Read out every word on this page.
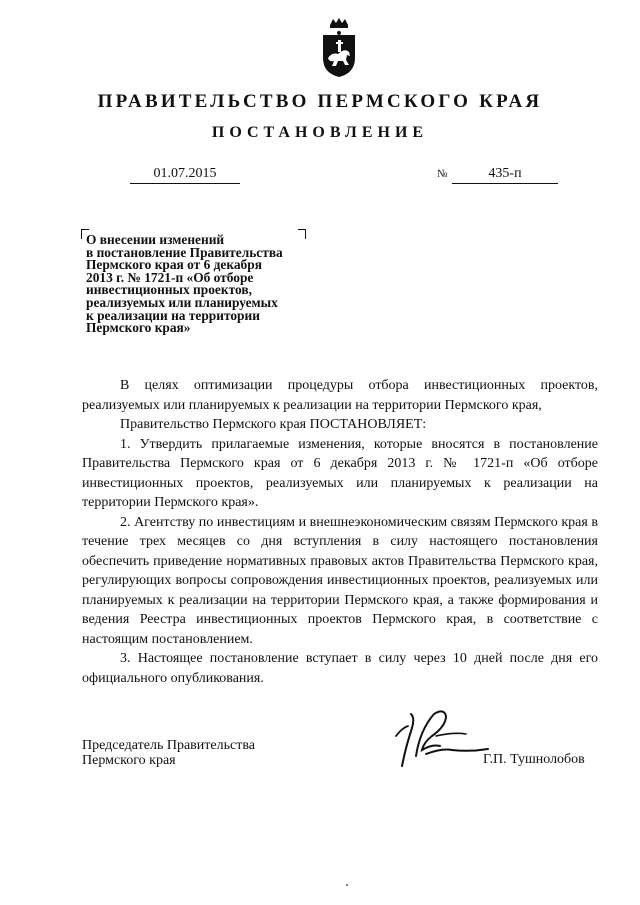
ПРАВИТЕЛЬСТВО ПЕРМСКОГО КРАЯ
ПОСТАНОВЛЕНИЕ
01.07.2015	№	435-п
О внесении изменений
в постановление Правительства
Пермского края от 6 декабря
2013 г. № 1721-п «Об отборе
инвестиционных проектов,
реализуемых или планируемых
к реализации на территории
Пермского края»

В целях оптимизации процедуры отбора инвестиционных проектов, реализуемых или планируемых к реализации на территории Пермского края,

Правительство Пермского края ПОСТАНОВЛЯЕТ:

1. Утвердить прилагаемые изменения, которые вносятся в постановление Правительства Пермского края от 6 декабря 2013 г. № 1721-п «Об отборе инвестиционных проектов, реализуемых или планируемых к реализации на территории Пермского края».

2. Агентству по инвестициям и внешнеэкономическим связям Пермского края в течение трех месяцев со дня вступления в силу настоящего постановления обеспечить приведение нормативных правовых актов Правительства Пермского края, регулирующих вопросы сопровождения инвестиционных проектов, реализуемых или планируемых к реализации на территории Пермского края, а также формирования и ведения Реестра инвестиционных проектов Пермского края, в соответствие с настоящим постановлением.

3. Настоящее постановление вступает в силу через 10 дней после дня его официального опубликования.

Председатель Правительства
Пермского края	Г.П. Тушнолобов
